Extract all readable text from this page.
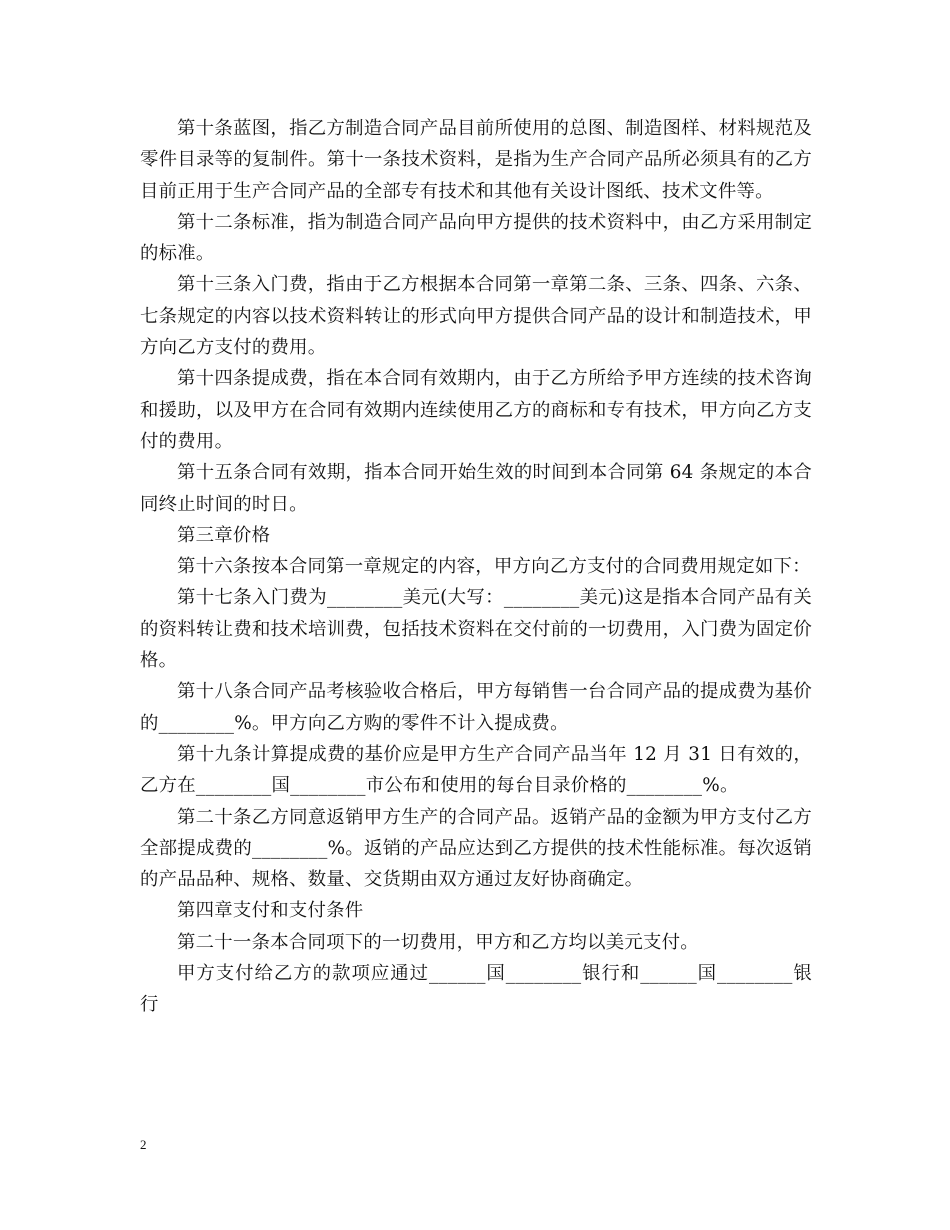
第十条蓝图，指乙方制造合同产品目前所使用的总图、制造图样、材料规范及零件目录等的复制件。第十一条技术资料，是指为生产合同产品所必须具有的乙方目前正用于生产合同产品的全部专有技术和其他有关设计图纸、技术文件等。

第十二条标准，指为制造合同产品向甲方提供的技术资料中，由乙方采用制定的标准。

第十三条入门费，指由于乙方根据本合同第一章第二条、三条、四条、六条、七条规定的内容以技术资料转让的形式向甲方提供合同产品的设计和制造技术，甲方向乙方支付的费用。

第十四条提成费，指在本合同有效期内，由于乙方所给予甲方连续的技术咨询和援助，以及甲方在合同有效期内连续使用乙方的商标和专有技术，甲方向乙方支付的费用。

第十五条合同有效期，指本合同开始生效的时间到本合同第 64 条规定的本合同终止时间的时日。

第三章价格

第十六条按本合同第一章规定的内容，甲方向乙方支付的合同费用规定如下：

第十七条入门费为________美元(大写：________美元)这是指本合同产品有关的资料转让费和技术培训费，包括技术资料在交付前的一切费用，入门费为固定价格。

第十八条合同产品考核验收合格后，甲方每销售一台合同产品的提成费为基价的________%。甲方向乙方购的零件不计入提成费。

第十九条计算提成费的基价应是甲方生产合同产品当年 12 月 31 日有效的，乙方在________国________市公布和使用的每台目录价格的________%。

第二十条乙方同意返销甲方生产的合同产品。返销产品的金额为甲方支付乙方全部提成费的________%。返销的产品应达到乙方提供的技术性能标准。每次返销的产品品种、规格、数量、交货期由双方通过友好协商确定。

第四章支付和支付条件

第二十一条本合同项下的一切费用，甲方和乙方均以美元支付。

甲方支付给乙方的款项应通过______国________银行和______国________银行

2
